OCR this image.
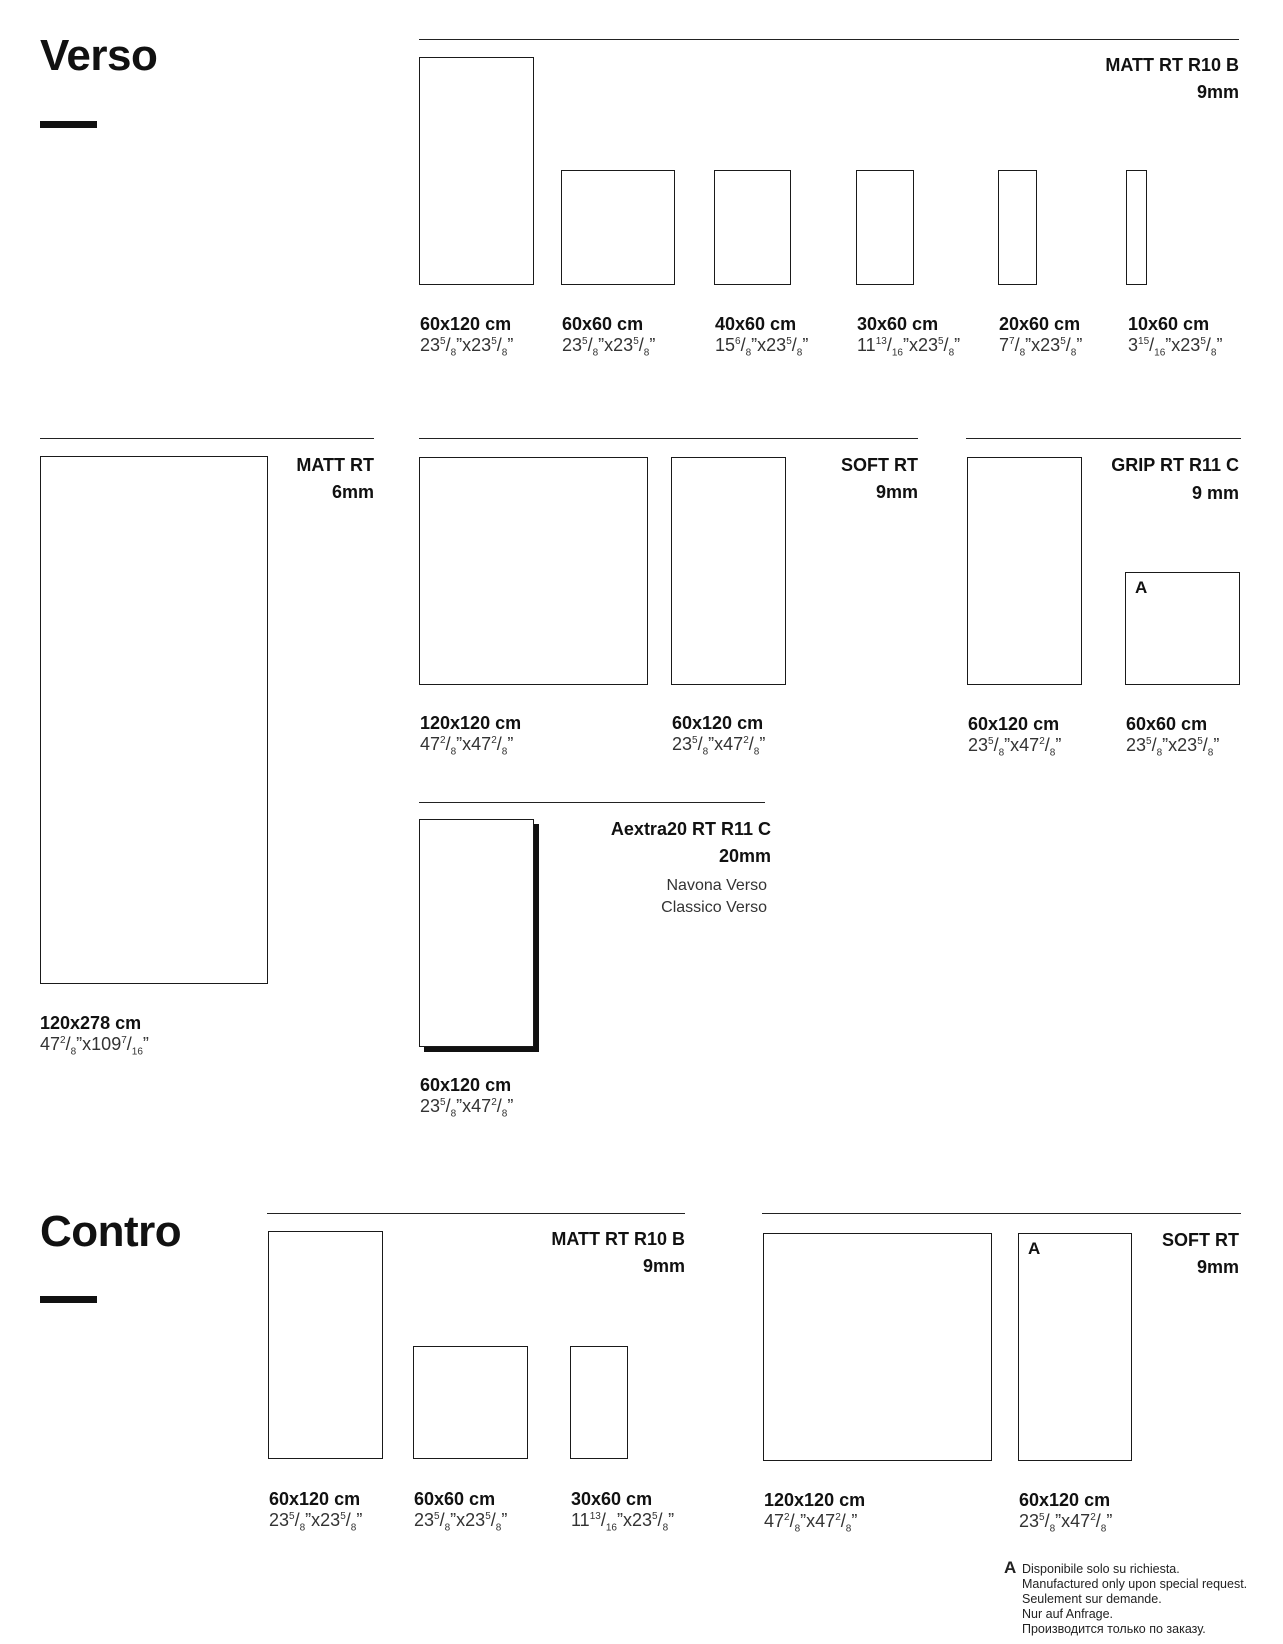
Verso	MATT RT R10 B
9mm
60x120 cm
$23^5/_8”x23^5/_8$”
60x60 cm
$23^5/_8”x23^5/_8$”
40x60 cm
$15^6/_8”x23^5/_8$”
30x60 cm
$11^{13}/_{16}”x23^5/_8$”
20x60 cm
$7^7/_8”x23^5/_8$”
10x60 cm
$3^{15}/_{16}”x23^5/_8$”
MATT RT
6mm
120x278 cm
$47^2/_8”x109^7/_{16}$”
SOFT RT
9mm
120x120 cm
$47^2/_8”x47^2/_8$”
60x120 cm
$23^5/_8”x47^2/_8$”
GRIP RT R11 C
9 mm
A
60x120 cm
$23^5/_8”x47^2/_8$”
60x60 cm
$23^5/_8”x23^5/_8$”
Aextra20 RT R11 C
20mm
Navona Verso
Classico Verso
60x120 cm
$23^5/_8”x47^2/_8$”
Contro	MATT RT R10 B
9mm
60x120 cm
$23^5/_8”x23^5/_8$”
60x60 cm
$23^5/_8”x23^5/_8$”
30x60 cm
$11^{13}/_{16}”x23^5/_8$”
SOFT RT
9mm
A
120x120 cm
$47^2/_8”x47^2/_8$”
60x120 cm
$23^5/_8”x47^2/_8$”
A Disponibile solo su richiesta.
Manufactured only upon special request.
Seulement sur demande.
Nur auf Anfrage.
Производится только по заказу.
